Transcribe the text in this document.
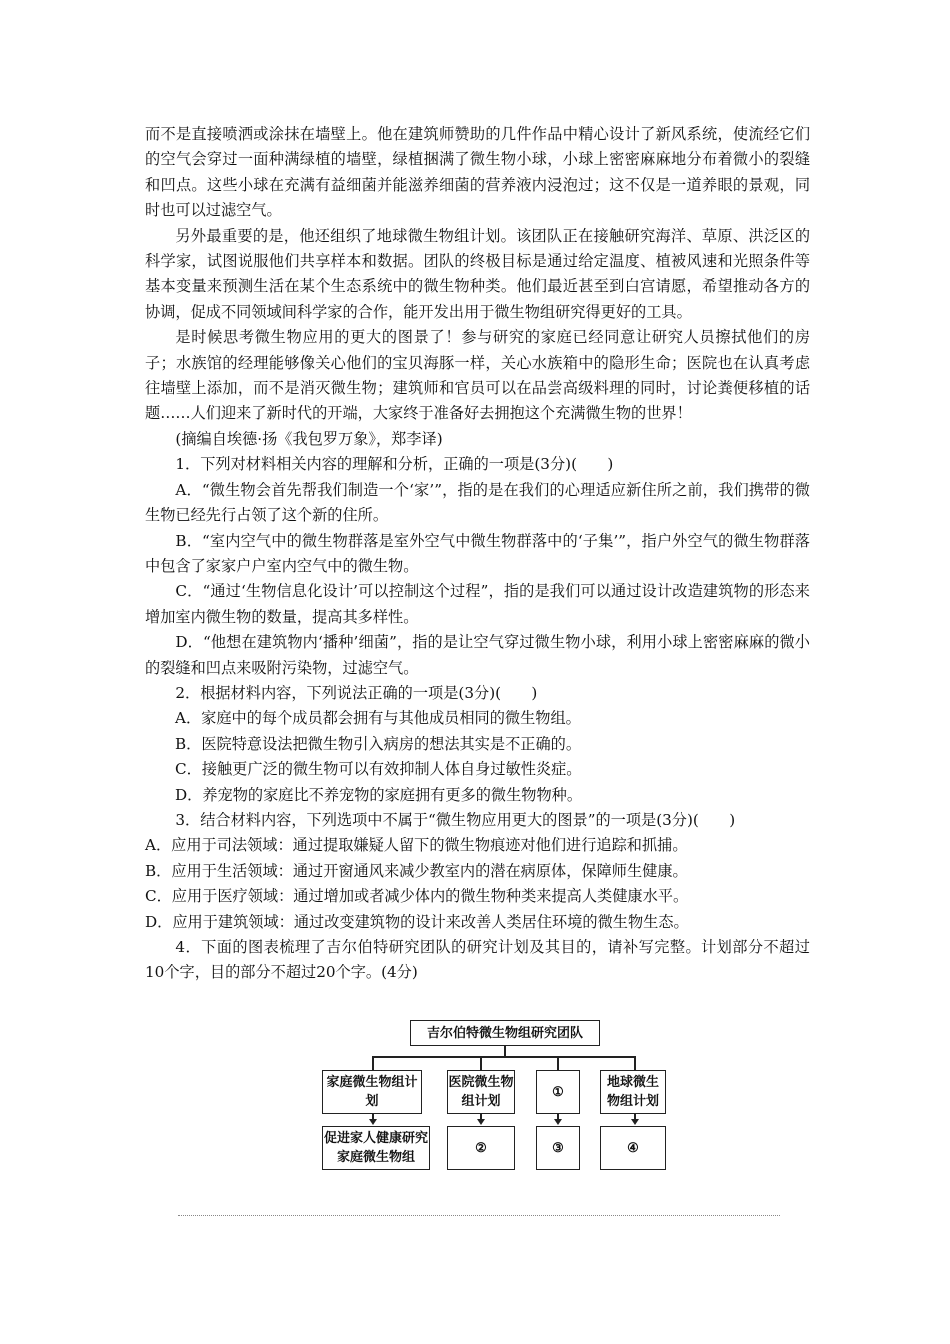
而不是直接喷洒或涂抹在墙壁上。他在建筑师赞助的几件作品中精心设计了新风系统，使流经它们的空气会穿过一面种满绿植的墙壁，绿植捆满了微生物小球，小球上密密麻麻地分布着微小的裂缝和凹点。这些小球在充满有益细菌并能滋养细菌的营养液内浸泡过；这不仅是一道养眼的景观，同时也可以过滤空气。

另外最重要的是，他还组织了地球微生物组计划。该团队正在接触研究海洋、草原、洪泛区的科学家，试图说服他们共享样本和数据。团队的终极目标是通过给定温度、植被风速和光照条件等基本变量来预测生活在某个生态系统中的微生物种类。他们最近甚至到白宫请愿，希望推动各方的协调，促成不同领域间科学家的合作，能开发出用于微生物组研究得更好的工具。

是时候思考微生物应用的更大的图景了！参与研究的家庭已经同意让研究人员擦拭他们的房子；水族馆的经理能够像关心他们的宝贝海豚一样，关心水族箱中的隐形生命；医院也在认真考虑往墙壁上添加，而不是消灭微生物；建筑师和官员可以在品尝高级料理的同时，讨论粪便移植的话题……人们迎来了新时代的开端，大家终于准备好去拥抱这个充满微生物的世界！

(摘编自埃德·扬《我包罗万象》，郑李译)

1．下列对材料相关内容的理解和分析，正确的一项是(3分)(　　)

A．“微生物会首先帮我们制造一个‘家’”，指的是在我们的心理适应新住所之前，我们携带的微生物已经先行占领了这个新的住所。

B．“室内空气中的微生物群落是室外空气中微生物群落中的‘子集’”，指户外空气的微生物群落中包含了家家户户室内空气中的微生物。

C．“通过‘生物信息化设计’可以控制这个过程”，指的是我们可以通过设计改造建筑物的形态来增加室内微生物的数量，提高其多样性。

D．“他想在建筑物内‘播种’细菌”，指的是让空气穿过微生物小球，利用小球上密密麻麻的微小的裂缝和凹点来吸附污染物，过滤空气。

2．根据材料内容，下列说法正确的一项是(3分)(　　)

A．家庭中的每个成员都会拥有与其他成员相同的微生物组。

B．医院特意设法把微生物引入病房的想法其实是不正确的。

C．接触更广泛的微生物可以有效抑制人体自身过敏性炎症。

D．养宠物的家庭比不养宠物的家庭拥有更多的微生物物种。

3．结合材料内容，下列选项中不属于“微生物应用更大的图景”的一项是(3分)(　　)

A．应用于司法领域：通过提取嫌疑人留下的微生物痕迹对他们进行追踪和抓捕。

B．应用于生活领域：通过开窗通风来减少教室内的潜在病原体，保障师生健康。

C．应用于医疗领域：通过增加或者减少体内的微生物种类来提高人类健康水平。

D．应用于建筑领域：通过改变建筑物的设计来改善人类居住环境的微生物生态。

4．下面的图表梳理了吉尔伯特研究团队的研究计划及其目的，请补写完整。计划部分不超过10个字，目的部分不超过20个字。(4分)

吉尔伯特微生物组研究团队
家庭微生物组计划
医院微生物组计划
①
地球微生物组计划
促进家人健康研究家庭微生物组
②	③	④
